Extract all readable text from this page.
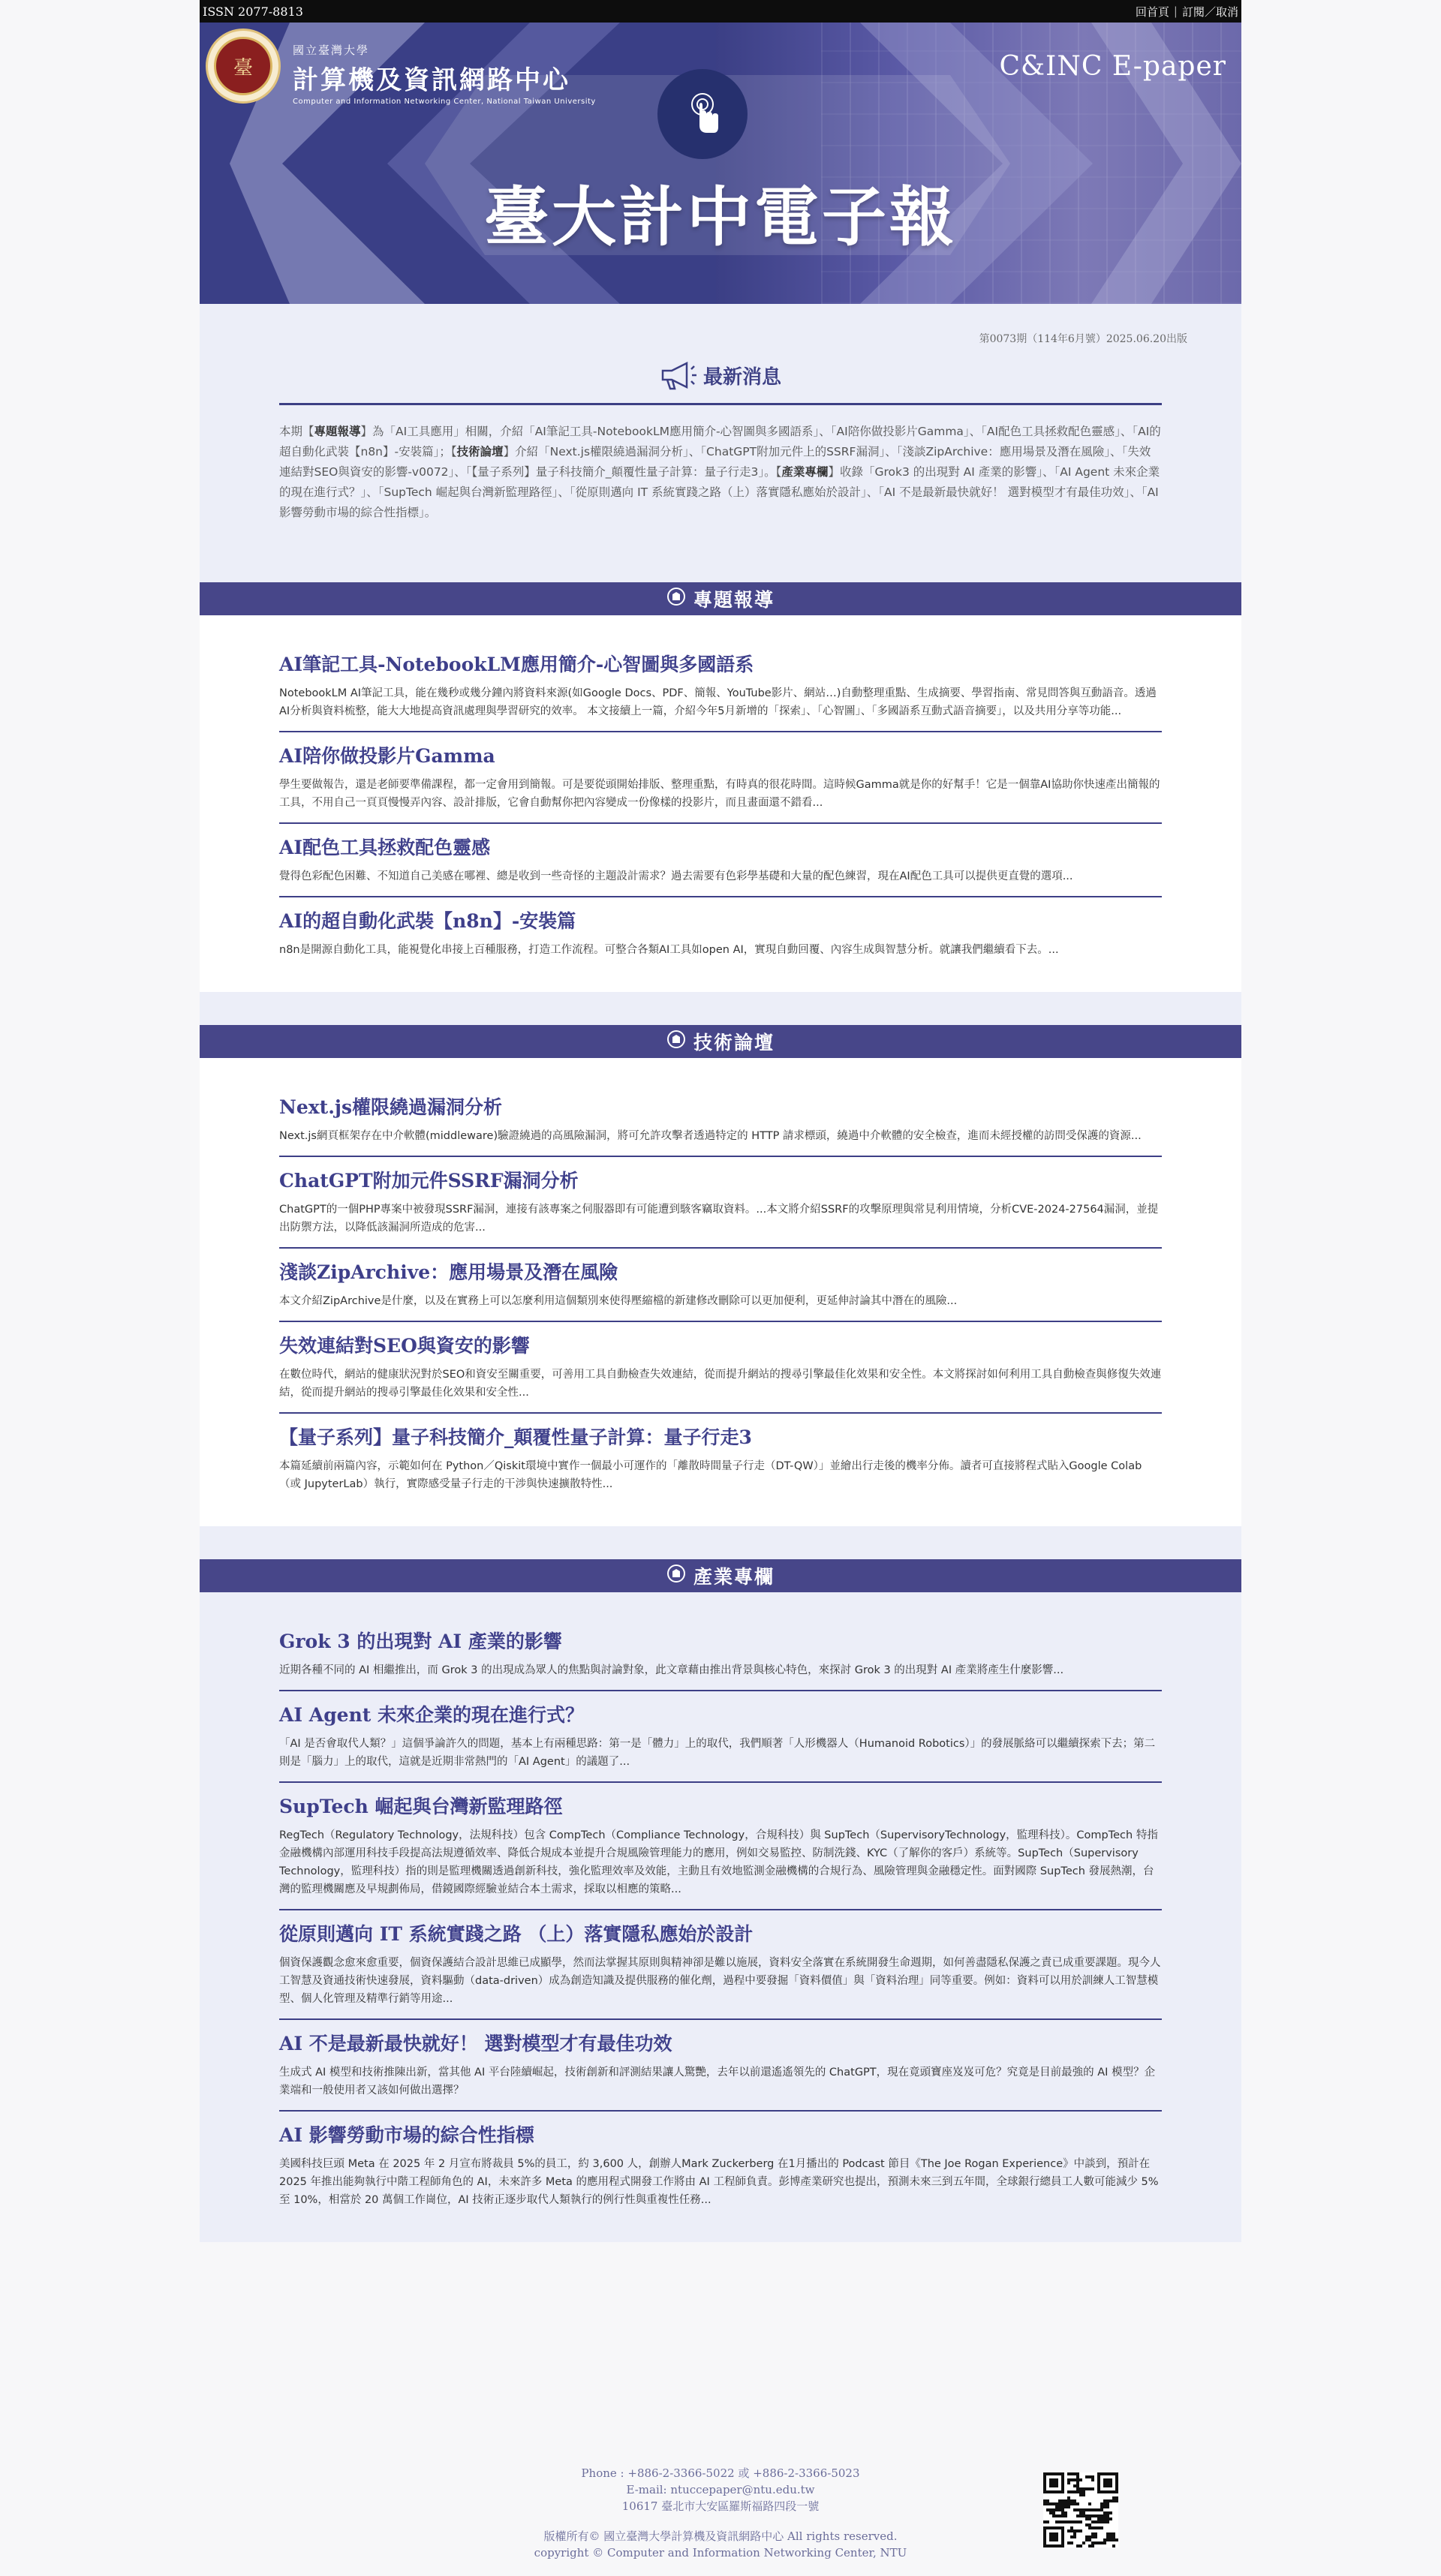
ISSN 2077-8813	回首頁 | 訂閱／取消
臺
國立臺灣大學
計算機及資訊網路中心
Computer and Information Networking Center, National Taiwan University
C&INC E-paper
臺大計中電子報
第0073期（114年6月號）2025.06.20出版
最新消息
本期【專題報導】為「AI工具應用」相關，介紹「AI筆記工具-NotebookLM應用簡介-心智圖與多國語系」、「AI陪你做投影片Gamma」、「AI配色工具拯救配色靈感」、「AI的超自動化武裝【n8n】-安裝篇」；【技術論壇】介紹「Next.js權限繞過漏洞分析」、「ChatGPT附加元件上的SSRF漏洞」、「淺談ZipArchive：應用場景及潛在風險」、「失效連結對SEO與資安的影響-v0072」、「【量子系列】量子科技簡介_顛覆性量子計算：量子行走3」。【產業專欄】收錄「Grok3 的出現對 AI 產業的影響」、「AI Agent 未來企業的現在進行式？」、「SupTech 崛起與台灣新監理路徑」、「從原則邁向 IT 系統實踐之路（上）落實隱私應始於設計」、「AI 不是最新最快就好！ 選對模型才有最佳功效」、「AI 影響勞動市場的綜合性指標」。
專題報導
AI筆記工具-NotebookLM應用簡介-心智圖與多國語系

NotebookLM AI筆記工具，能在幾秒或幾分鐘內將資料來源(如Google Docs、PDF、簡報、YouTube影片、網站…)自動整理重點、生成摘要、學習指南、常見問答與互動語音。透過AI分析與資料梳整，能大大地提高資訊處理與學習研究的效率。 本文接續上一篇，介紹今年5月新增的「探索」、「心智圖」、「多國語系互動式語音摘要」，以及共用分享等功能...

AI陪你做投影片Gamma

學生要做報告，還是老師要準備課程，都一定會用到簡報。可是要從頭開始排版、整理重點，有時真的很花時間。這時候Gamma就是你的好幫手！它是一個靠AI協助你快速產出簡報的工具，不用自己一頁頁慢慢弄內容、設計排版，它會自動幫你把內容變成一份像樣的投影片，而且畫面還不錯看...

AI配色工具拯救配色靈感

覺得色彩配色困難、不知道自己美感在哪裡、總是收到一些奇怪的主題設計需求？過去需要有色彩學基礎和大量的配色練習，現在AI配色工具可以提供更直覺的選項...

AI的超自動化武裝【n8n】-安裝篇

n8n是開源自動化工具，能視覺化串接上百種服務，打造工作流程。可整合各類AI工具如open AI，實現自動回覆、內容生成與智慧分析。就讓我們繼續看下去。...

技術論壇
Next.js權限繞過漏洞分析

Next.js網頁框架存在中介軟體(middleware)驗證繞過的高風險漏洞，將可允許攻擊者透過特定的 HTTP 請求標頭，繞過中介軟體的安全檢查，進而未經授權的訪問受保護的資源...

ChatGPT附加元件SSRF漏洞分析

ChatGPT的一個PHP專案中被發現SSRF漏洞，連接有該專案之伺服器即有可能遭到駭客竊取資料。...本文將介紹SSRF的攻擊原理與常見利用情境，分析CVE-2024-27564漏洞，並提出防禦方法，以降低該漏洞所造成的危害...

淺談ZipArchive：應用場景及潛在風險

本文介紹ZipArchive是什麼，以及在實務上可以怎麼利用這個類別來使得壓縮檔的新建修改刪除可以更加便利，更延伸討論其中潛在的風險...

失效連結對SEO與資安的影響

在數位時代，網站的健康狀況對於SEO和資安至關重要，可善用工具自動檢查失效連結，從而提升網站的搜尋引擎最佳化效果和安全性。本文將探討如何利用工具自動檢查與修復失效連結，從而提升網站的搜尋引擎最佳化效果和安全性...

【量子系列】量子科技簡介_顛覆性量子計算：量子行走3

本篇延續前兩篇內容，示範如何在 Python／Qiskit環境中實作一個最小可運作的「離散時間量子行走（DT-QW）」並繪出行走後的機率分佈。讀者可直接將程式貼入Google Colab（或 JupyterLab）執行，實際感受量子行走的干涉與快速擴散特性...

產業專欄
Grok 3 的出現對 AI 產業的影響

近期各種不同的 AI 相繼推出，而 Grok 3 的出現成為眾人的焦點與討論對象，此文章藉由推出背景與核心特色，來探討 Grok 3 的出現對 AI 產業將產生什麼影響...

AI Agent 未來企業的現在進行式？

「AI 是否會取代人類？」這個爭論許久的問題，基本上有兩種思路：第一是「體力」上的取代，我們順著「人形機器人（Humanoid Robotics）」的發展脈絡可以繼續探索下去；第二則是「腦力」上的取代，這就是近期非常熱門的「AI Agent」的議題了...

SupTech 崛起與台灣新監理路徑

RegTech（Regulatory Technology，法規科技）包含 CompTech（Compliance Technology，合規科技）與 SupTech（SupervisoryTechnology，監理科技）。CompTech 特指金融機構內部運用科技手段提高法規遵循效率、降低合規成本並提升合規風險管理能力的應用，例如交易監控、防制洗錢、KYC（了解你的客戶）系統等。SupTech（Supervisory Technology，監理科技）指的則是監理機關透過創新科技，強化監理效率及效能，主動且有效地監測金融機構的合規行為、風險管理與金融穩定性。面對國際 SupTech 發展熱潮，台灣的監理機關應及早規劃佈局，借鏡國際經驗並結合本土需求，採取以相應的策略...

從原則邁向 IT 系統實踐之路 （上）落實隱私應始於設計

個資保護觀念愈來愈重要，個資保護結合設計思維已成顯學，然而法掌握其原則與精神卻是難以施展，資料安全落實在系統開發生命週期，如何善盡隱私保護之責已成重要課題。現今人工智慧及資通技術快速發展，資料驅動（data-driven）成為創造知識及提供服務的催化劑，過程中要發掘「資料價值」與「資料治理」同等重要。例如：資料可以用於訓練人工智慧模型、個人化管理及精準行銷等用途...

AI 不是最新最快就好！ 選對模型才有最佳功效

生成式 AI 模型和技術推陳出新，當其他 AI 平台陸續崛起，技術創新和評測結果讓人驚艷，去年以前還遙遙領先的 ChatGPT，現在竟頭寶座岌岌可危？究竟是目前最強的 AI 模型？企業端和一般使用者又該如何做出選擇？

AI 影響勞動市場的綜合性指標

美國科技巨頭 Meta 在 2025 年 2 月宣布將裁員 5%的員工，約 3,600 人，創辦人Mark Zuckerberg 在1月播出的 Podcast 節目《The Joe Rogan Experience》中談到，預計在 2025 年推出能夠執行中階工程師角色的 AI，未來許多 Meta 的應用程式開發工作將由 AI 工程師負責。彭博產業研究也提出，預測未來三到五年間，全球銀行總員工人數可能減少 5% 至 10%，相當於 20 萬個工作崗位，AI 技術正逐步取代人類執行的例行性與重複性任務...

Phone : +886-2-3366-5022 或 +886-2-3366-5023
E-mail: ntuccepaper@ntu.edu.tw
10617 臺北市大安區羅斯福路四段一號
版權所有© 國立臺灣大學計算機及資訊網路中心 All rights reserved.
copyright © Computer and Information Networking Center, NTU
